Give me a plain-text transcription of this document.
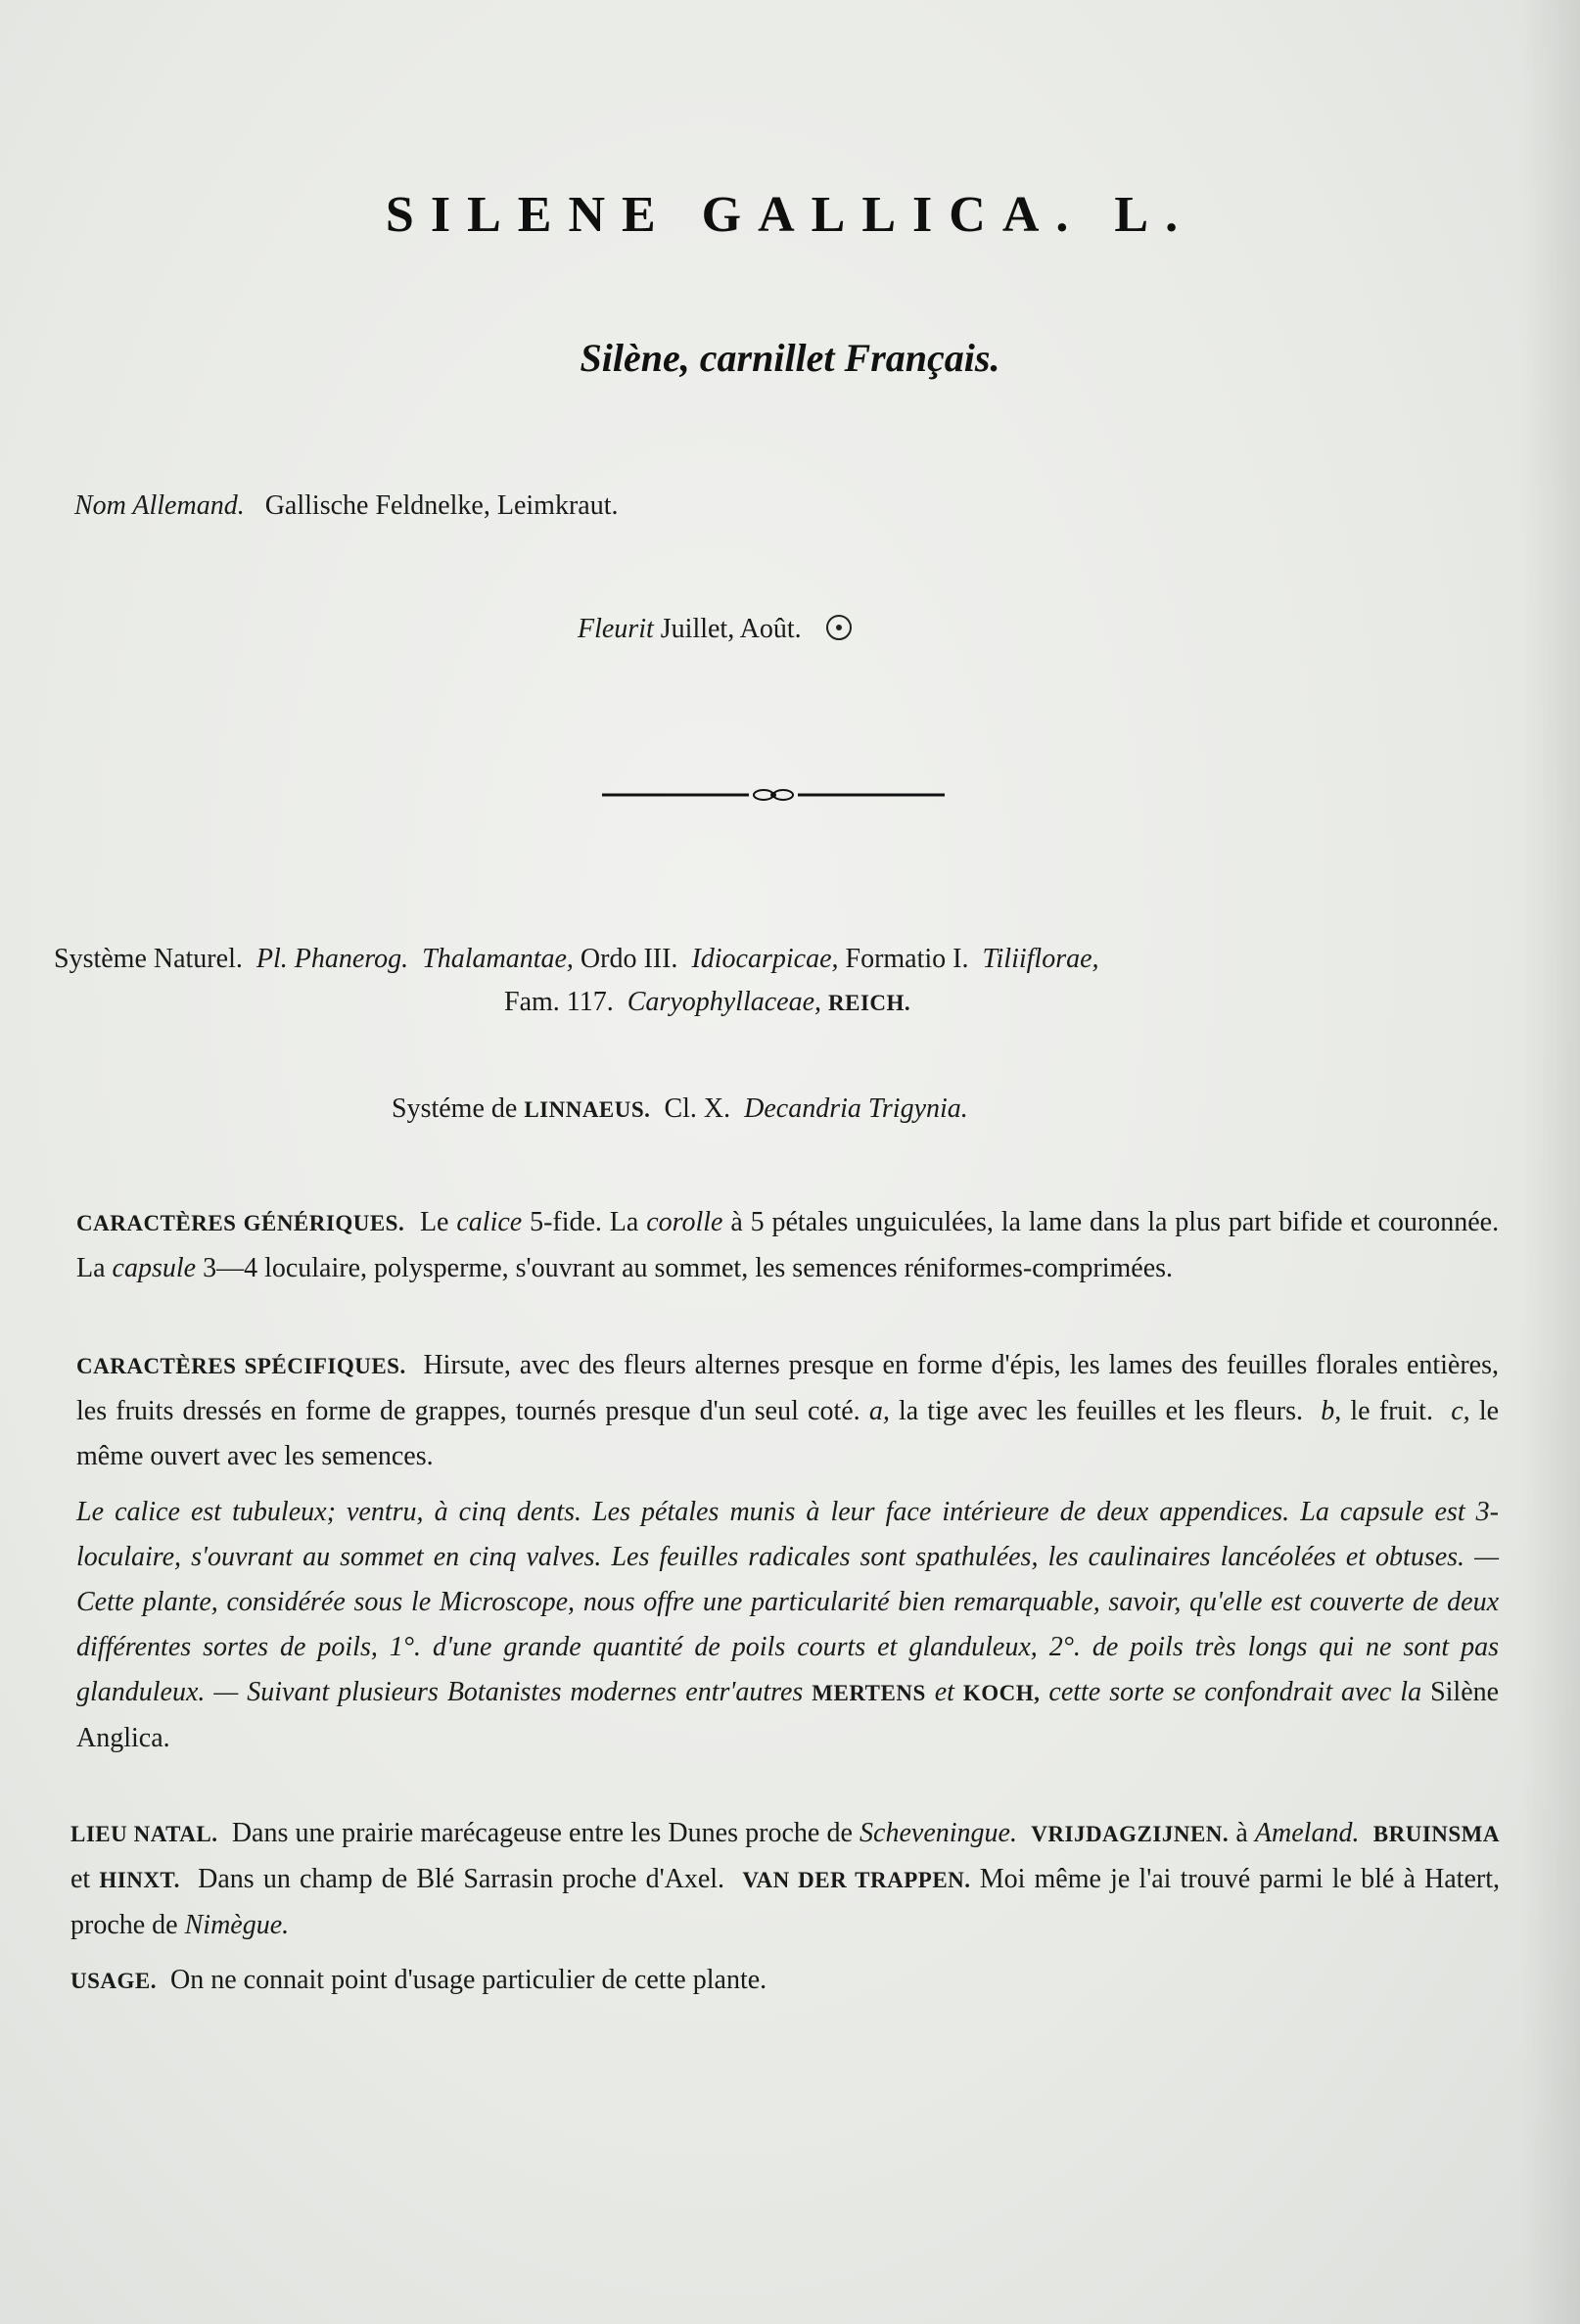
SILENE GALLICA. L.
Silène, carnillet Français.
Nom Allemand. Gallische Feldnelke, Leimkraut.
Fleurit Juillet, Août.

Système Naturel. Pl. Phanerog. Thalamantae, Ordo III. Idiocarpicae, Formatio I. Tiliiflorae,

Fam. 117. Caryophyllaceae, REICH.

Systéme de LINNAEUS. Cl. X. Decandria Trigynia.
CARACTÈRES GÉNÉRIQUES. Le calice 5-fide. La corolle à 5 pétales unguiculées, la lame dans la plus part bifide et couronnée. La capsule 3—4 loculaire, polysperme, s'ouvrant au sommet, les semences réniformes-comprimées.
CARACTÈRES SPÉCIFIQUES. Hirsute, avec des fleurs alternes presque en forme d'épis, les lames des feuilles florales entières, les fruits dressés en forme de grappes, tournés presque d'un seul coté. a, la tige avec les feuilles et les fleurs. b, le fruit. c, le même ouvert avec les semences.
Le calice est tubuleux; ventru, à cinq dents. Les pétales munis à leur face intérieure de deux appendices. La capsule est 3-loculaire, s'ouvrant au sommet en cinq valves. Les feuilles radicales sont spathulées, les caulinaires lancéolées et obtuses. — Cette plante, considérée sous le Microscope, nous offre une particularité bien remarquable, savoir, qu'elle est couverte de deux différentes sortes de poils, 1°. d'une grande quantité de poils courts et glanduleux, 2°. de poils très longs qui ne sont pas glanduleux. — Suivant plusieurs Botanistes modernes entr'autres MERTENS et KOCH, cette sorte se confondrait avec la Silène Anglica.
LIEU NATAL. Dans une prairie marécageuse entre les Dunes proche de Scheveningue. VRIJDAGZIJNEN. à Ameland. BRUINSMA et HINXT. Dans un champ de Blé Sarrasin proche d'Axel. VAN DER TRAPPEN. Moi même je l'ai trouvé parmi le blé à Hatert, proche de Nimègue.
USAGE. On ne connait point d'usage particulier de cette plante.
